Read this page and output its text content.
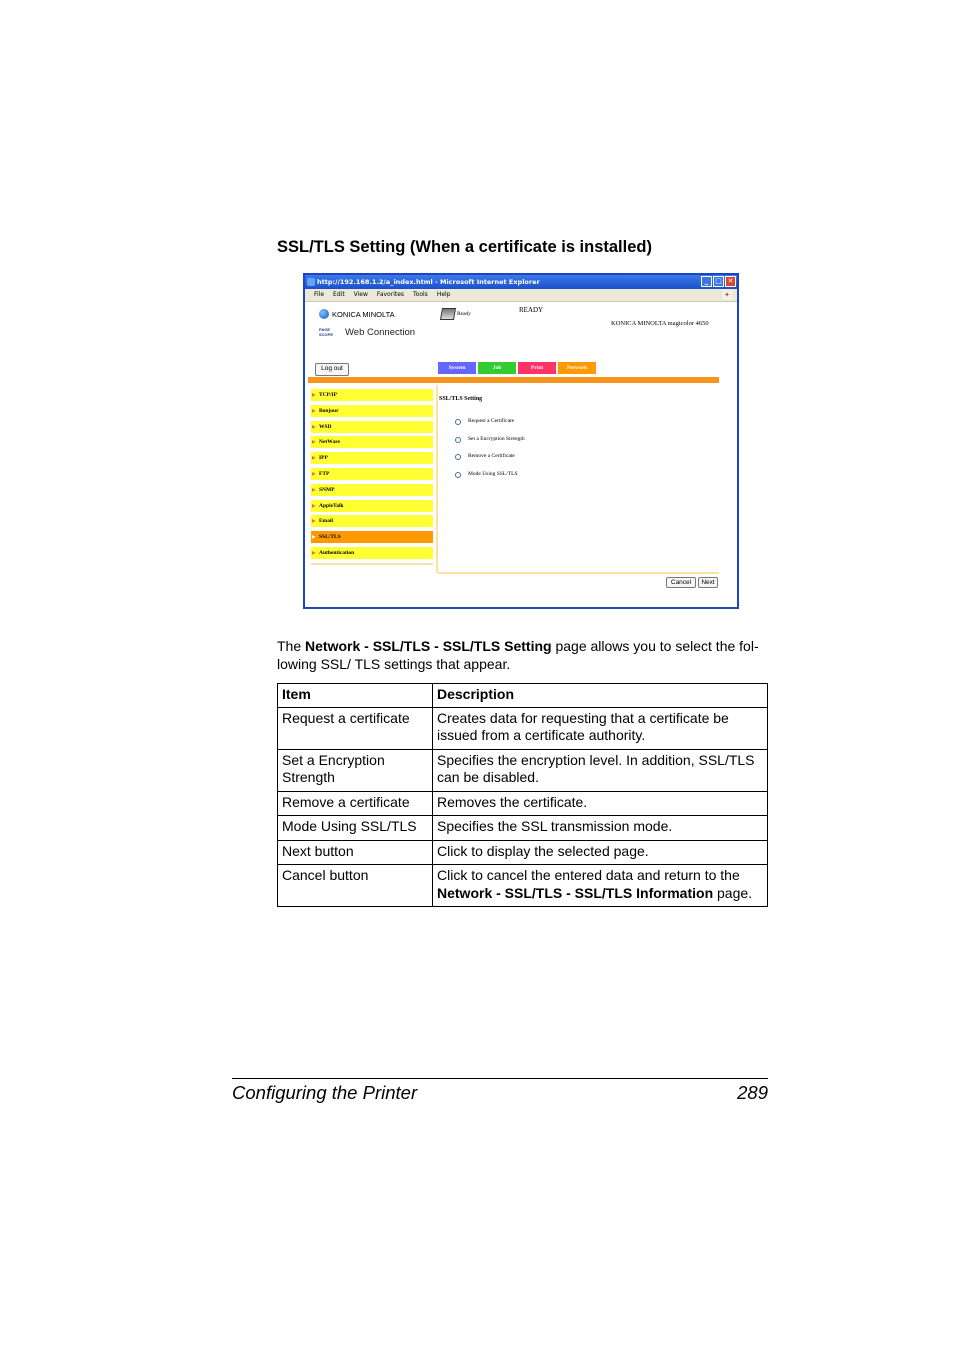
SSL/TLS Setting (When a certificate is installed)
http://192.168.1.2/a_index.html - Microsoft Internet Explorer	_ □ ✕
File Edit View Favorites Tools Help	✦
KONICA MINOLTA
PAGE SCOPE	Web Connection
Ready	READY
KONICA MINOLTA magicolor 4650
Log out	System	Job	Print	Network
▶ TCP/IP
▶ Bonjour
▶ WSD
▶ NetWare
▶ IPP
▶ FTP
▶ SNMP
▶ AppleTalk
▶ Email
▶ SSL/TLS
▶ Authentication
SSL/TLS Setting
Request a Certificate
Set a Encryption Strength
Remove a Certificate
Mode Using SSL/TLS
Cancel	Next
The Network - SSL/TLS - SSL/TLS Setting page allows you to select the fol-lowing SSL/ TLS settings that appear.
Item	Description
Request a certificate	Creates data for requesting that a certificate be issued from a certificate authority.
Set a Encryption Strength	Specifies the encryption level. In addition, SSL/TLS can be disabled.
Remove a certificate	Removes the certificate.
Mode Using SSL/TLS	Specifies the SSL transmission mode.
Next button	Click to display the selected page.
Cancel button	Click to cancel the entered data and return to the Network - SSL/TLS - SSL/TLS Information page.
Configuring the Printer	289
